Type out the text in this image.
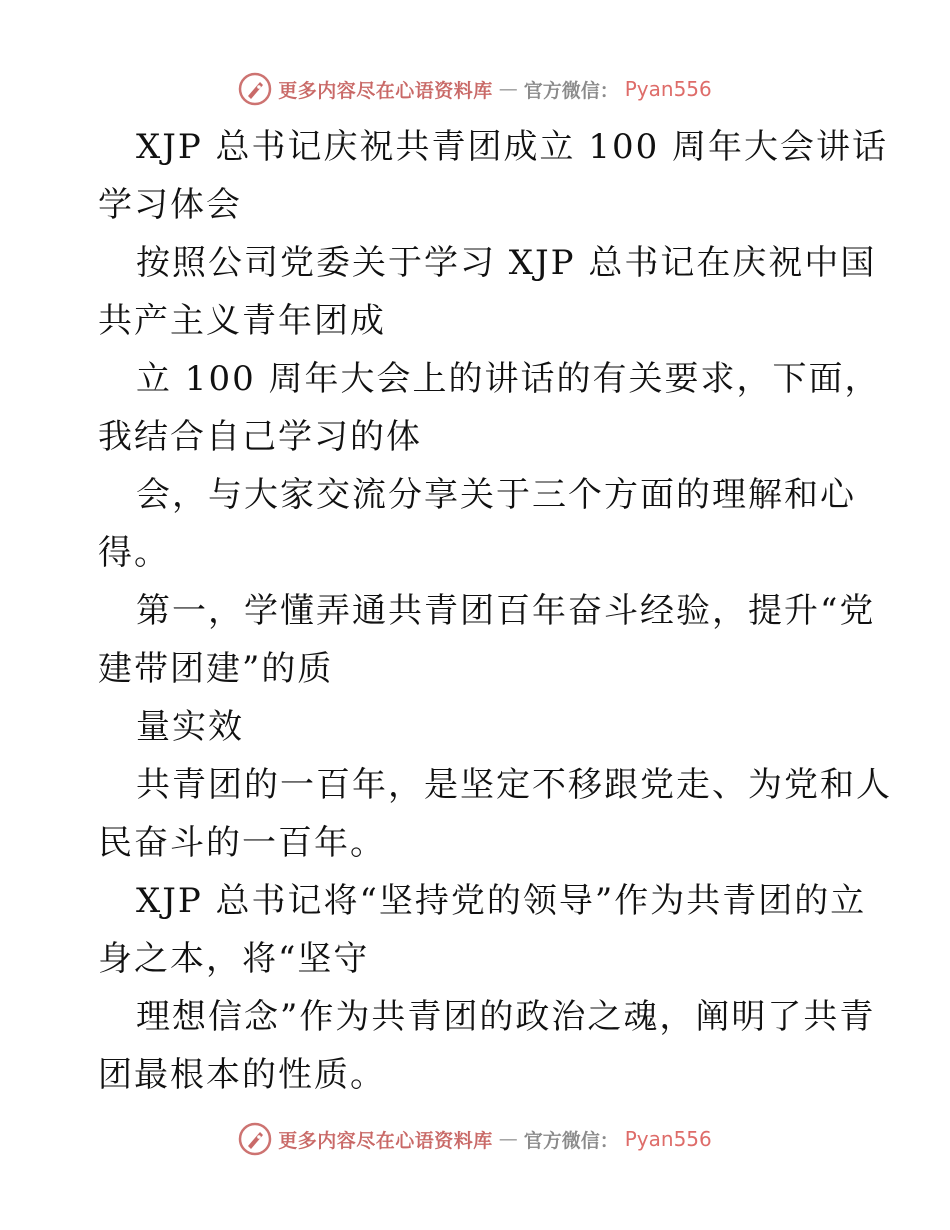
更多内容尽在心语资料库 — 官方微信： Pyan556
XJP 总书记庆祝共青团成立 100 周年大会讲话
学习体会
按照公司党委关于学习 XJP 总书记在庆祝中国
共产主义青年团成
立 100 周年大会上的讲话的有关要求，下面，
我结合自己学习的体
会，与大家交流分享关于三个方面的理解和心
得。
第一，学懂弄通共青团百年奋斗经验，提升“党
建带团建”的质
量实效
共青团的一百年，是坚定不移跟党走、为党和人
民奋斗的一百年。
XJP 总书记将“坚持党的领导”作为共青团的立
身之本，将“坚守
理想信念”作为共青团的政治之魂，阐明了共青
团最根本的性质。
更多内容尽在心语资料库 — 官方微信： Pyan556
